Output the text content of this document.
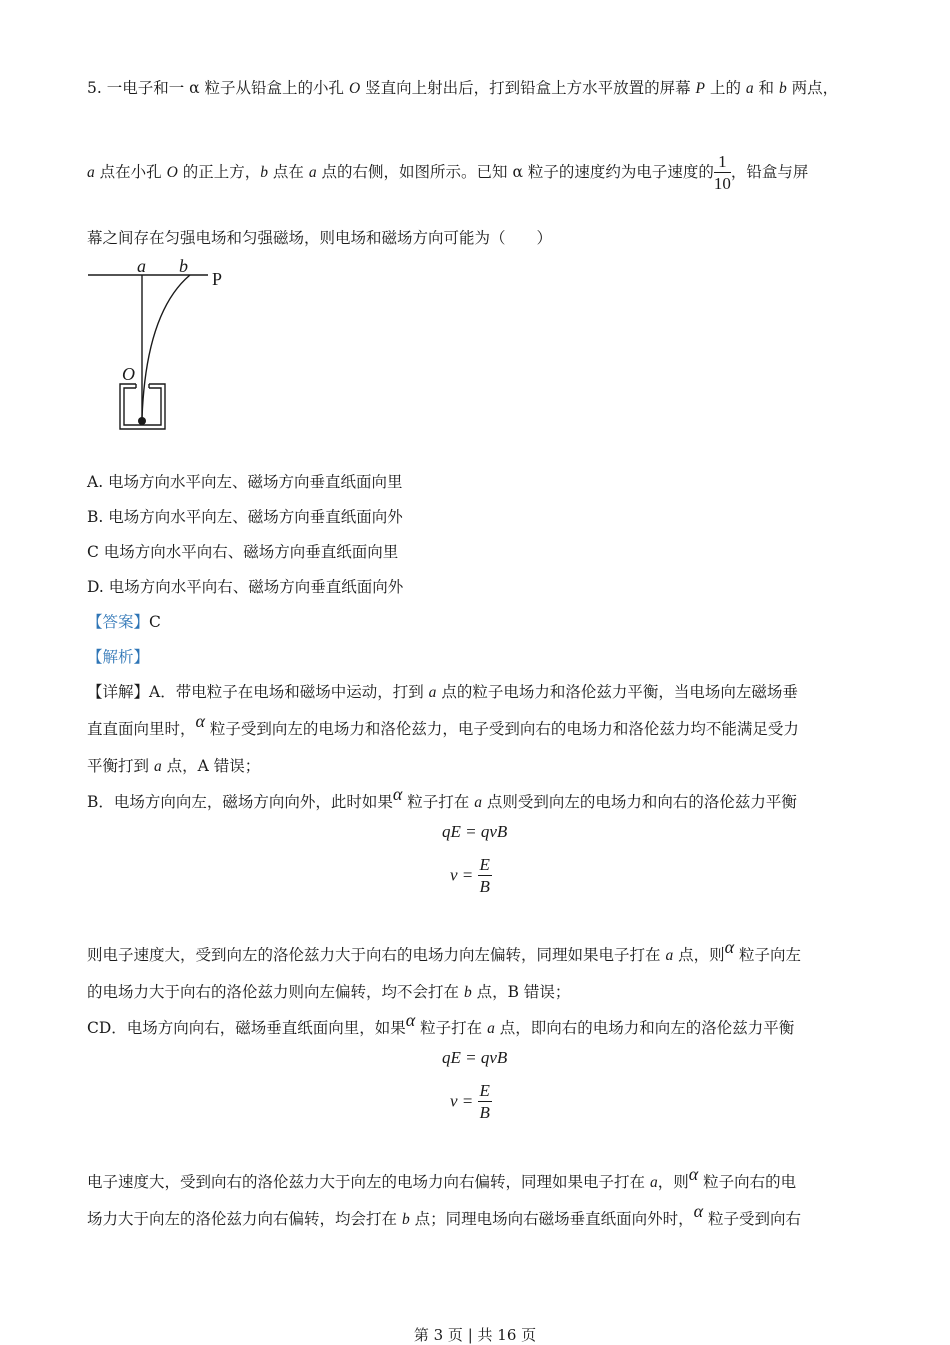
5. 一电子和一 α 粒子从铅盒上的小孔 O 竖直向上射出后，打到铅盒上方水平放置的屏幕 P 上的 a 和 b 两点，
a 点在小孔 O 的正上方，b 点在 a 点的右侧，如图所示。已知 α 粒子的速度约为电子速度的 $\frac{1}{10}$ ，铅盒与屏
幕之间存在匀强电场和匀强磁场，则电场和磁场方向可能为（　　）
a b
P
O
A. 电场方向水平向左、磁场方向垂直纸面向里
B. 电场方向水平向左、磁场方向垂直纸面向外
C 电场方向水平向右、磁场方向垂直纸面向里
D. 电场方向水平向右、磁场方向垂直纸面向外
【答案】C
【解析】
【详解】A．带电粒子在电场和磁场中运动，打到 a 点的粒子电场力和洛伦兹力平衡，当电场向左磁场垂
直直面向里时，α 粒子受到向左的电场力和洛伦兹力，电子受到向右的电场力和洛伦兹力均不能满足受力
平衡打到 a 点，A 错误；
B．电场方向向左，磁场方向向外，此时如果α 粒子打在 a 点则受到向左的电场力和向右的洛伦兹力平衡
qE = qvB
$v = \frac{E}{B}$
则电子速度大，受到向左的洛伦兹力大于向右的电场力向左偏转，同理如果电子打在 a 点，则α 粒子向左
的电场力大于向右的洛伦兹力则向左偏转，均不会打在 b 点，B 错误；
CD．电场方向向右，磁场垂直纸面向里，如果α 粒子打在 a 点，即向右的电场力和向左的洛伦兹力平衡
qE = qvB
$v = \frac{E}{B}$
电子速度大，受到向右的洛伦兹力大于向左的电场力向右偏转，同理如果电子打在 a，则α 粒子向右的电
场力大于向左的洛伦兹力向右偏转，均会打在 b 点；同理电场向右磁场垂直纸面向外时，α 粒子受到向右
第 3 页 | 共 16 页
